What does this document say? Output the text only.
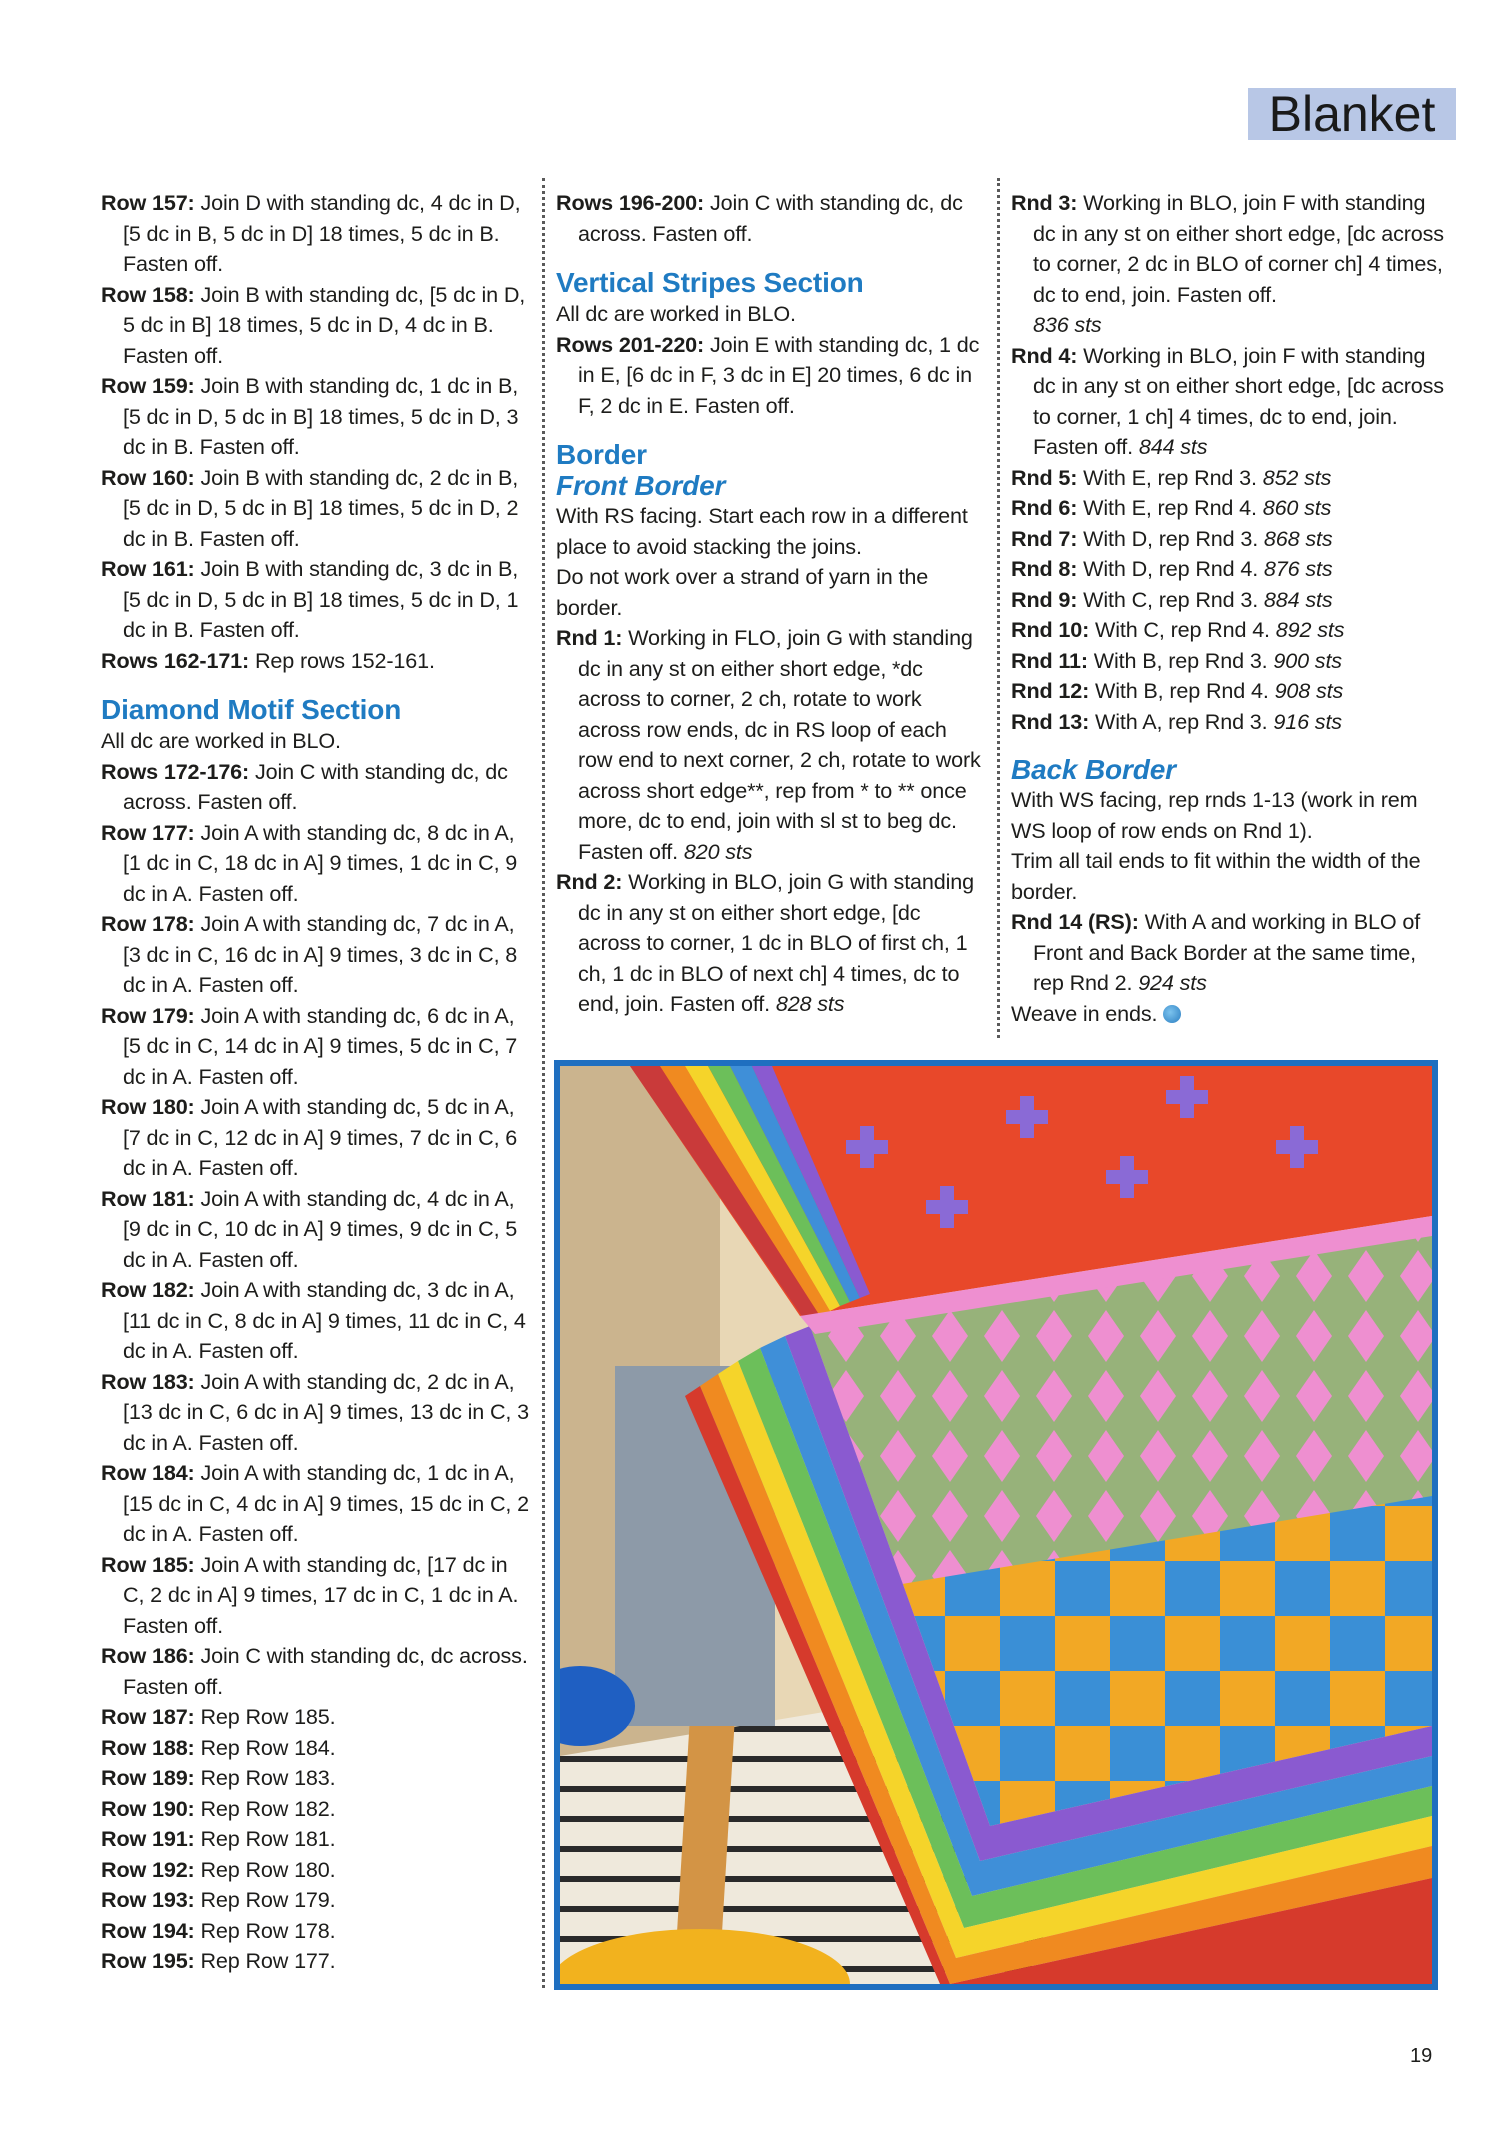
Blanket

Row 157: Join D with standing dc, 4 dc in D, [5 dc in B, 5 dc in D] 18 times, 5 dc in B. Fasten off.

Row 158: Join B with standing dc, [5 dc in D, 5 dc in B] 18 times, 5 dc in D, 4 dc in B. Fasten off.

Row 159: Join B with standing dc, 1 dc in B, [5 dc in D, 5 dc in B] 18 times, 5 dc in D, 3 dc in B. Fasten off.

Row 160: Join B with standing dc, 2 dc in B, [5 dc in D, 5 dc in B] 18 times, 5 dc in D, 2 dc in B. Fasten off.

Row 161: Join B with standing dc, 3 dc in B, [5 dc in D, 5 dc in B] 18 times, 5 dc in D, 1 dc in B. Fasten off.

Rows 162-171: Rep rows 152-161.

Diamond Motif Section

All dc are worked in BLO.

Rows 172-176: Join C with standing dc, dc across. Fasten off.

Row 177: Join A with standing dc, 8 dc in A, [1 dc in C, 18 dc in A] 9 times, 1 dc in C, 9 dc in A. Fasten off.

Row 178: Join A with standing dc, 7 dc in A, [3 dc in C, 16 dc in A] 9 times, 3 dc in C, 8 dc in A. Fasten off.

Row 179: Join A with standing dc, 6 dc in A, [5 dc in C, 14 dc in A] 9 times, 5 dc in C, 7 dc in A. Fasten off.

Row 180: Join A with standing dc, 5 dc in A, [7 dc in C, 12 dc in A] 9 times, 7 dc in C, 6 dc in A. Fasten off.

Row 181: Join A with standing dc, 4 dc in A, [9 dc in C, 10 dc in A] 9 times, 9 dc in C, 5 dc in A. Fasten off.

Row 182: Join A with standing dc, 3 dc in A, [11 dc in C, 8 dc in A] 9 times, 11 dc in C, 4 dc in A. Fasten off.

Row 183: Join A with standing dc, 2 dc in A, [13 dc in C, 6 dc in A] 9 times, 13 dc in C, 3 dc in A. Fasten off.

Row 184: Join A with standing dc, 1 dc in A, [15 dc in C, 4 dc in A] 9 times, 15 dc in C, 2 dc in A. Fasten off.

Row 185: Join A with standing dc, [17 dc in C, 2 dc in A] 9 times, 17 dc in C, 1 dc in A. Fasten off.

Row 186: Join C with standing dc, dc across. Fasten off.

Row 187: Rep Row 185.

Row 188: Rep Row 184.

Row 189: Rep Row 183.

Row 190: Rep Row 182.

Row 191: Rep Row 181.

Row 192: Rep Row 180.

Row 193: Rep Row 179.

Row 194: Rep Row 178.

Row 195: Rep Row 177.

Rows 196-200: Join C with standing dc, dc across. Fasten off.

Vertical Stripes Section

All dc are worked in BLO.

Rows 201-220: Join E with standing dc, 1 dc in E, [6 dc in F, 3 dc in E] 20 times, 6 dc in F, 2 dc in E. Fasten off.

Border
Front Border

With RS facing. Start each row in a different place to avoid stacking the joins.

Do not work over a strand of yarn in the border.

Rnd 1: Working in FLO, join G with standing dc in any st on either short edge, *dc across to corner, 2 ch, rotate to work across row ends, dc in RS loop of each row end to next corner, 2 ch, rotate to work across short edge**, rep from * to ** once more, dc to end, join with sl st to beg dc. Fasten off. 820 sts

Rnd 2: Working in BLO, join G with standing dc in any st on either short edge, [dc across to corner, 1 dc in BLO of first ch, 1 ch, 1 dc in BLO of next ch] 4 times, dc to end, join. Fasten off. 828 sts

Rnd 3: Working in BLO, join F with standing dc in any st on either short edge, [dc across to corner, 2 dc in BLO of corner ch] 4 times, dc to end, join. Fasten off.
836 sts

Rnd 4: Working in BLO, join F with standing dc in any st on either short edge, [dc across to corner, 1 ch] 4 times, dc to end, join. Fasten off. 844 sts

Rnd 5: With E, rep Rnd 3. 852 sts

Rnd 6: With E, rep Rnd 4. 860 sts

Rnd 7: With D, rep Rnd 3. 868 sts

Rnd 8: With D, rep Rnd 4. 876 sts

Rnd 9: With C, rep Rnd 3. 884 sts

Rnd 10: With C, rep Rnd 4. 892 sts

Rnd 11: With B, rep Rnd 3. 900 sts

Rnd 12: With B, rep Rnd 4. 908 sts

Rnd 13: With A, rep Rnd 3. 916 sts

Back Border

With WS facing, rep rnds 1-13 (work in rem WS loop of row ends on Rnd 1).

Trim all tail ends to fit within the width of the border.

Rnd 14 (RS): With A and working in BLO of Front and Back Border at the same time, rep Rnd 2. 924 sts

Weave in ends.

19
